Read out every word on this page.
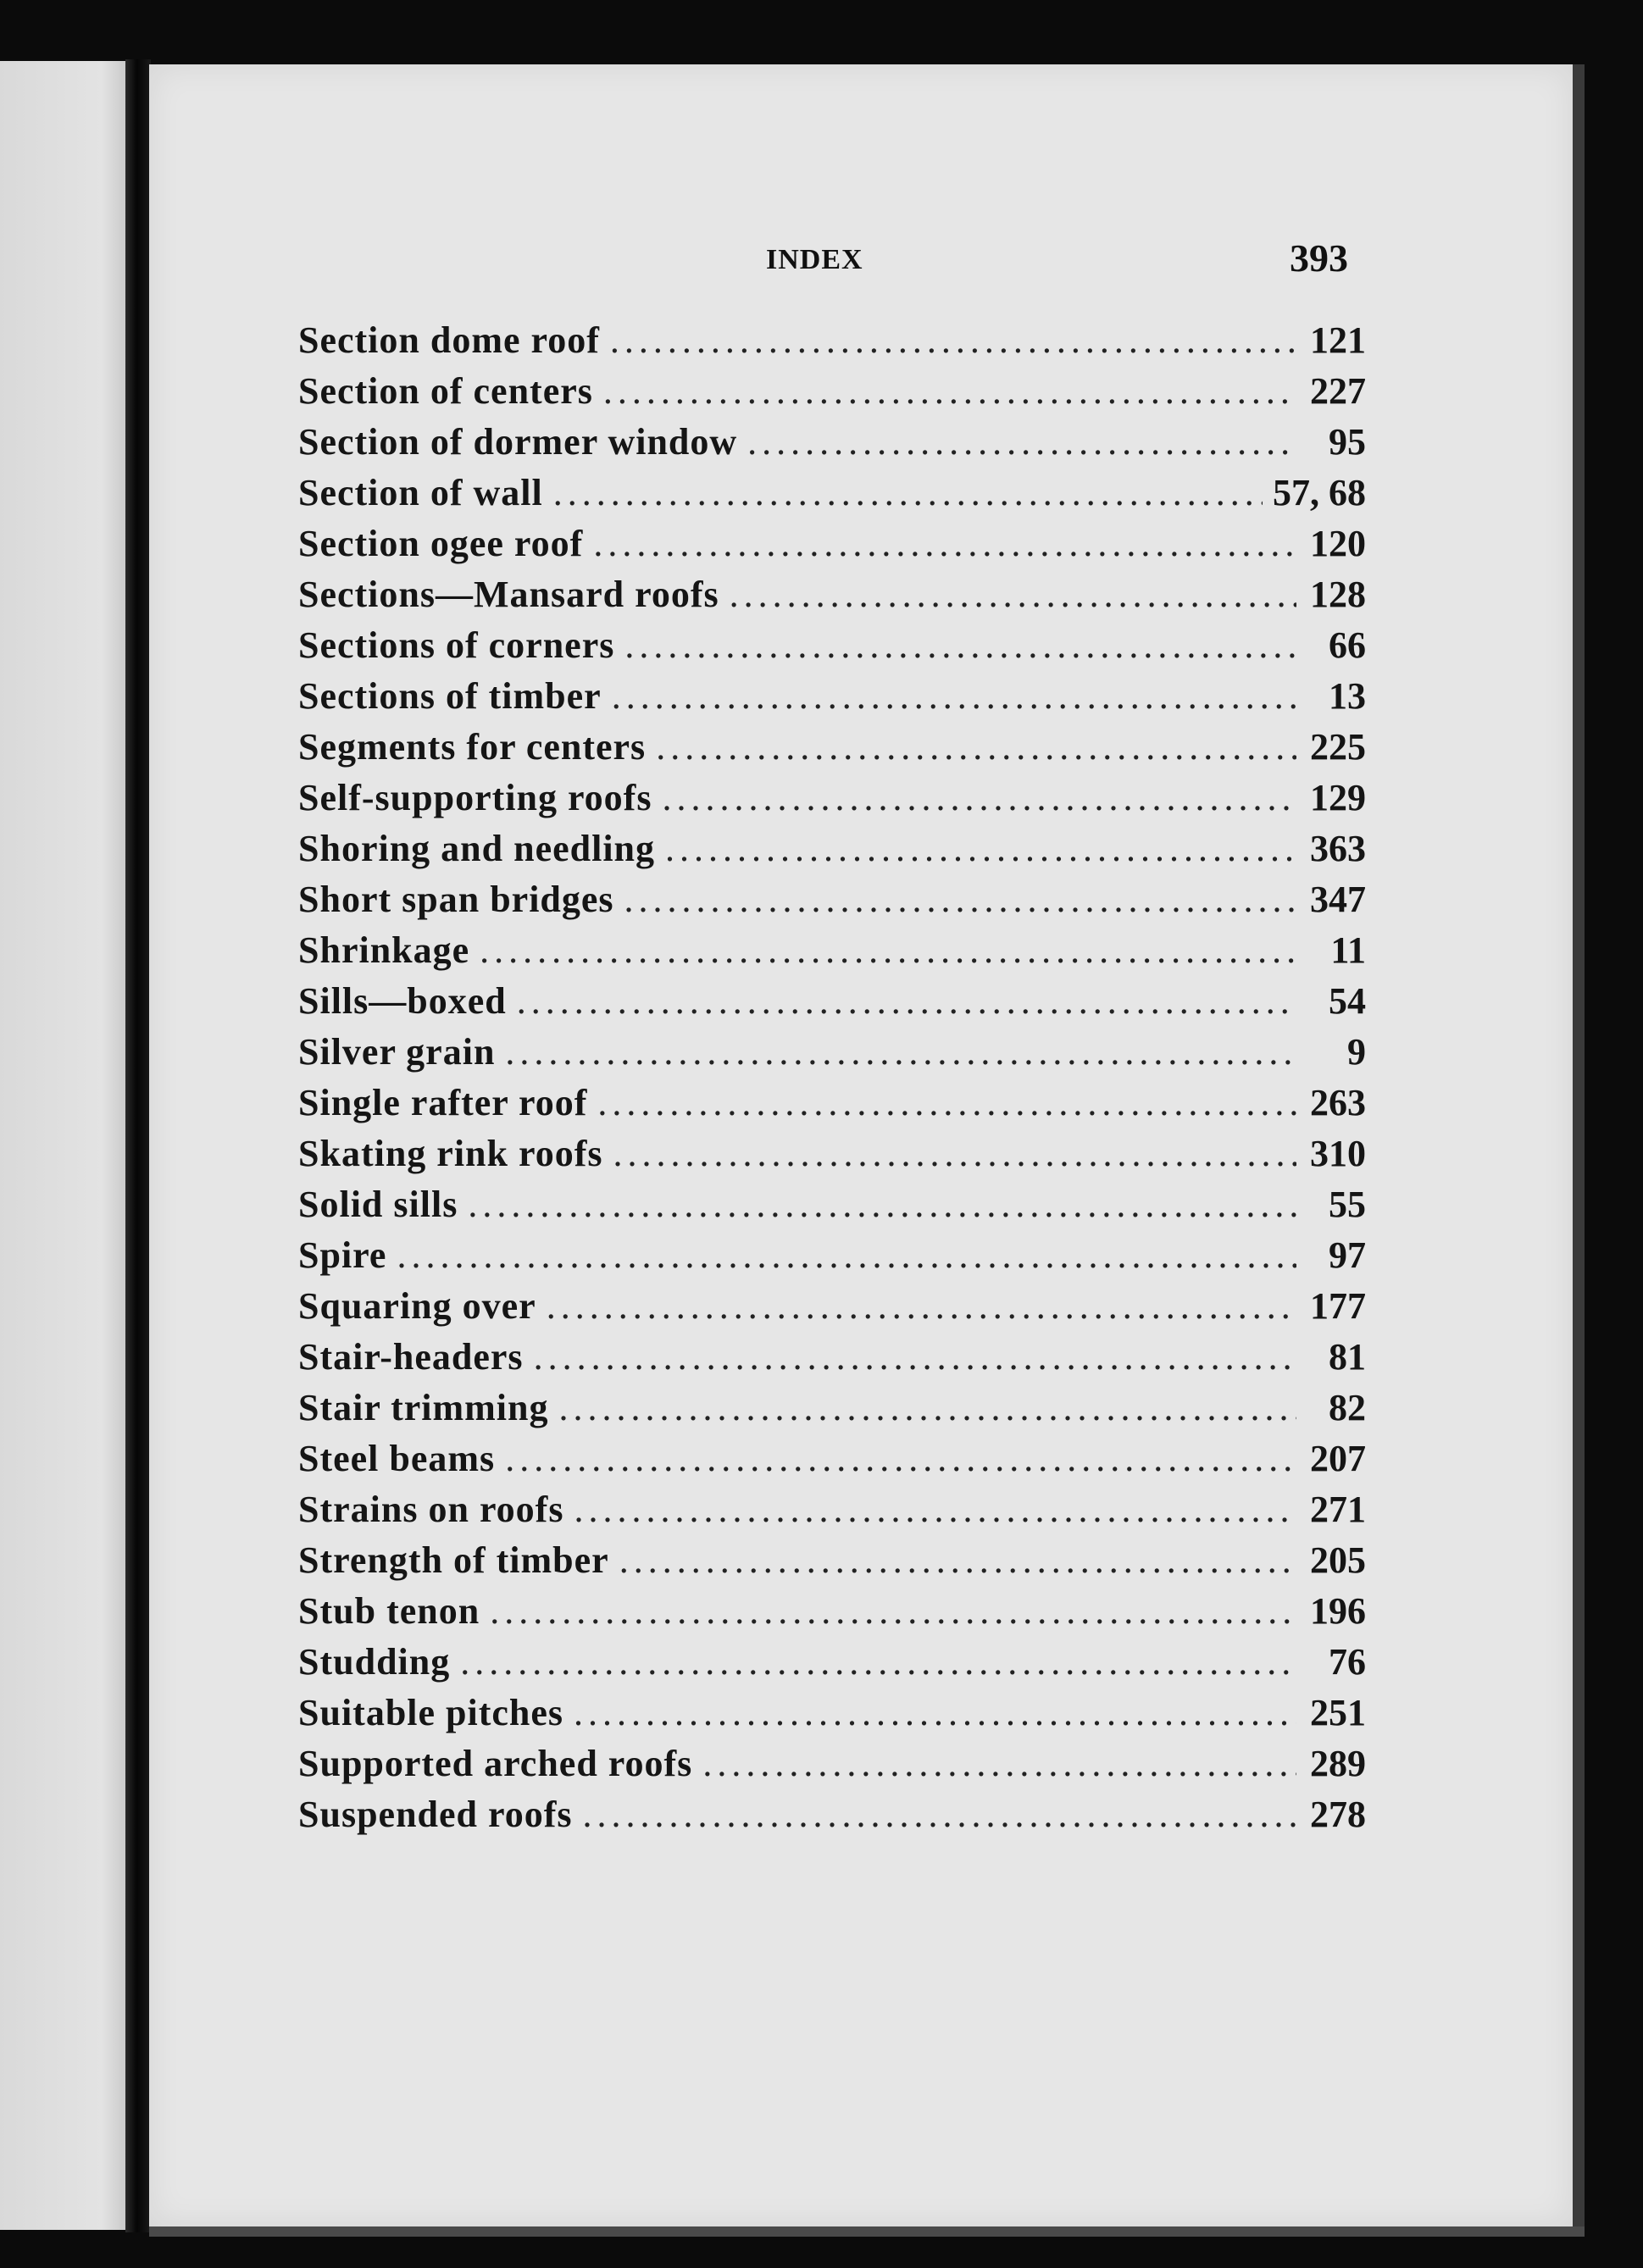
INDEX	393
Section dome roof .....	121
Section of centers .....	227
Section of dormer window .....	95
Section of wall .....	57, 68
Section ogee roof .....	120
Sections—Mansard roofs .....	128
Sections of corners .....	66
Sections of timber .....	13
Segments for centers .....	225
Self-supporting roofs .....	129
Shoring and needling .....	363
Short span bridges .....	347
Shrinkage .....	11
Sills—boxed .....	54
Silver grain .....	9
Single rafter roof .....	263
Skating rink roofs .....	310
Solid sills .....	55
Spire .....	97
Squaring over .....	177
Stair-headers .....	81
Stair trimming .....	82
Steel beams .....	207
Strains on roofs .....	271
Strength of timber .....	205
Stub tenon .....	196
Studding .....	76
Suitable pitches .....	251
Supported arched roofs .....	289
Suspended roofs .....	278
